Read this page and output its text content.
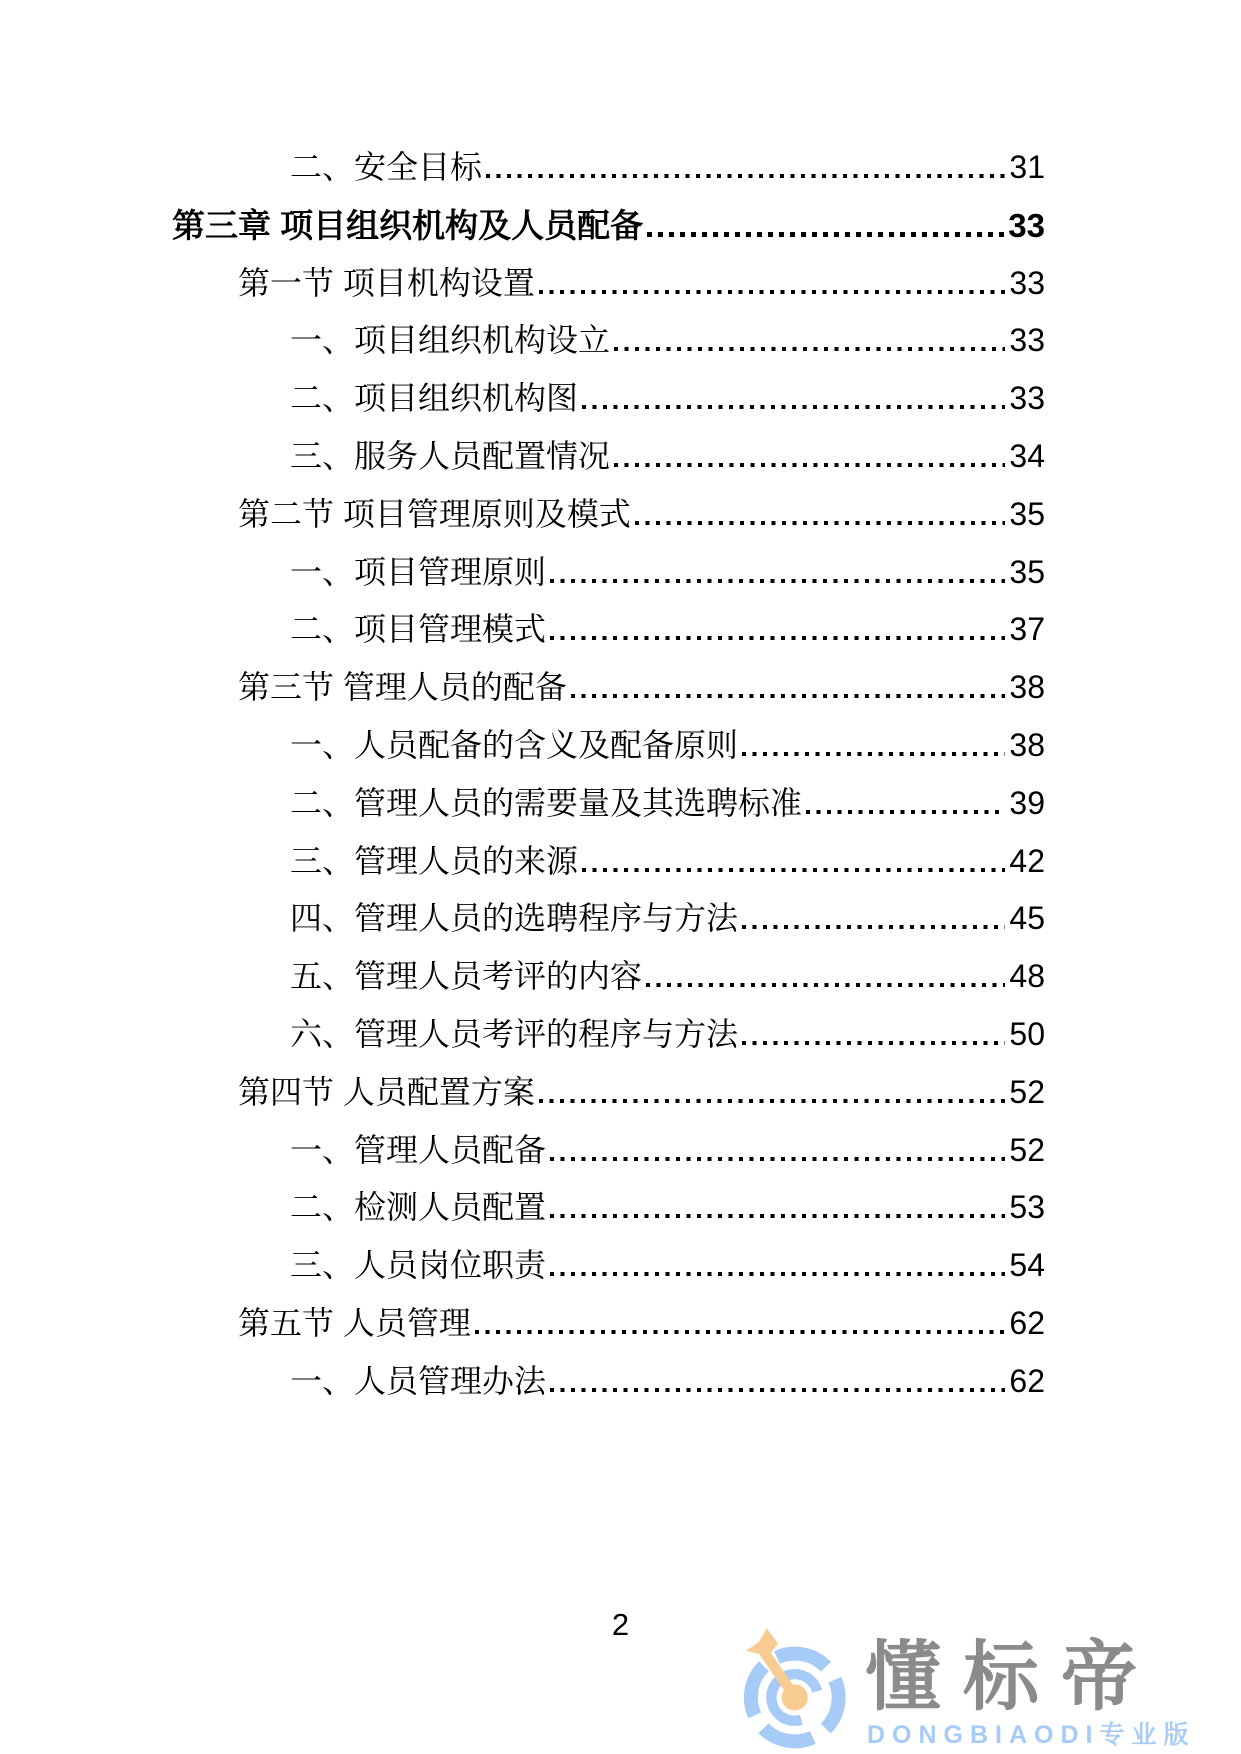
二、安全目标	31
第三章 项目组织机构及人员配备	33
第一节 项目机构设置	33
一、项目组织机构设立	33
二、项目组织机构图	33
三、服务人员配置情况	34
第二节 项目管理原则及模式	35
一、项目管理原则	35
二、项目管理模式	37
第三节 管理人员的配备	38
一、人员配备的含义及配备原则	38
二、管理人员的需要量及其选聘标准	39
三、管理人员的来源	42
四、管理人员的选聘程序与方法	45
五、管理人员考评的内容	48
六、管理人员考评的程序与方法	50
第四节 人员配置方案	52
一、管理人员配备	52
二、检测人员配置	53
三、人员岗位职责	54
第五节 人员管理	62
一、人员管理办法	62
2
懂标帝
DONGBIAODI专业版
